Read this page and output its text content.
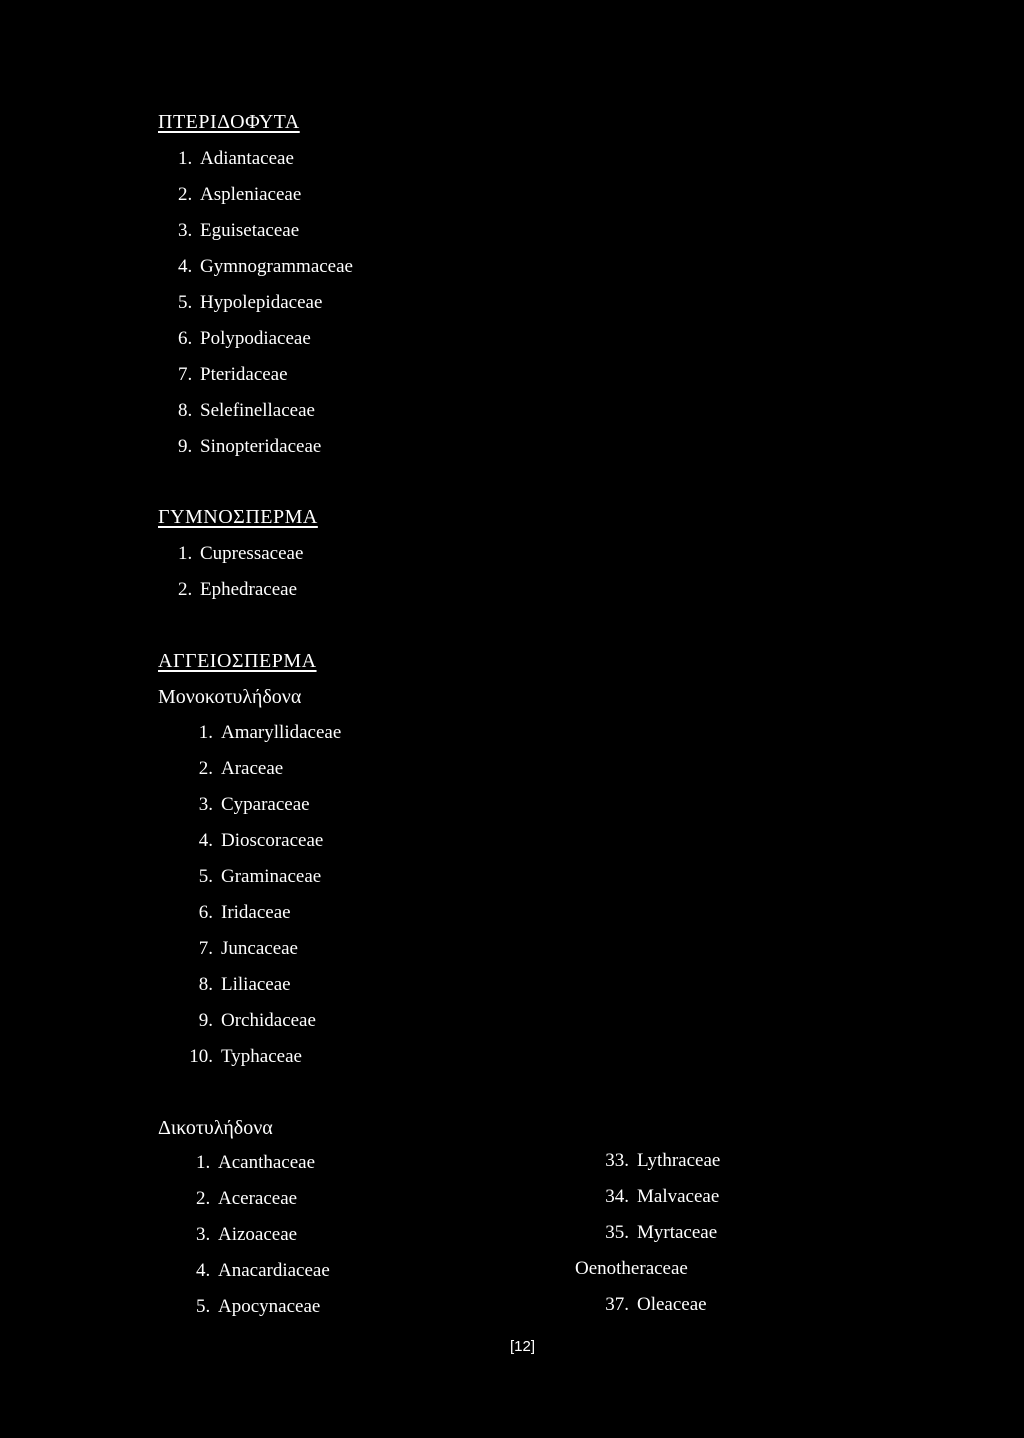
ΠΤΕΡΙΔΟΦΥΤΑ
1. Adiantaceae
2. Aspleniaceae
3. Eguisetaceae
4. Gymnogrammaceae
5. Hypolepidaceae
6. Polypodiaceae
7. Pteridaceae
8. Selefinellaceae
9. Sinopteridaceae
ΓΥΜΝΟΣΠΕΡΜΑ
1. Cupressaceae
2. Ephedraceae
ΑΓΓΕΙΟΣΠΕΡΜΑ

Μονοκοτυλήδονα

1. Amaryllidaceae
2. Araceae
3. Cyparaceae
4. Dioscoraceae
5. Graminaceae
6. Iridaceae
7. Juncaceae
8. Liliaceae
9. Orchidaceae
10. Typhaceae

Δικοτυλήδονα

1. Acanthaceae
2. Aceraceae
3. Aizoaceae
4. Anacardiaceae
5. Apocynaceae
33. Lythraceae
34. Malvaceae
35. Myrtaceae
Oenotheraceae
37. Oleaceae
[12]
